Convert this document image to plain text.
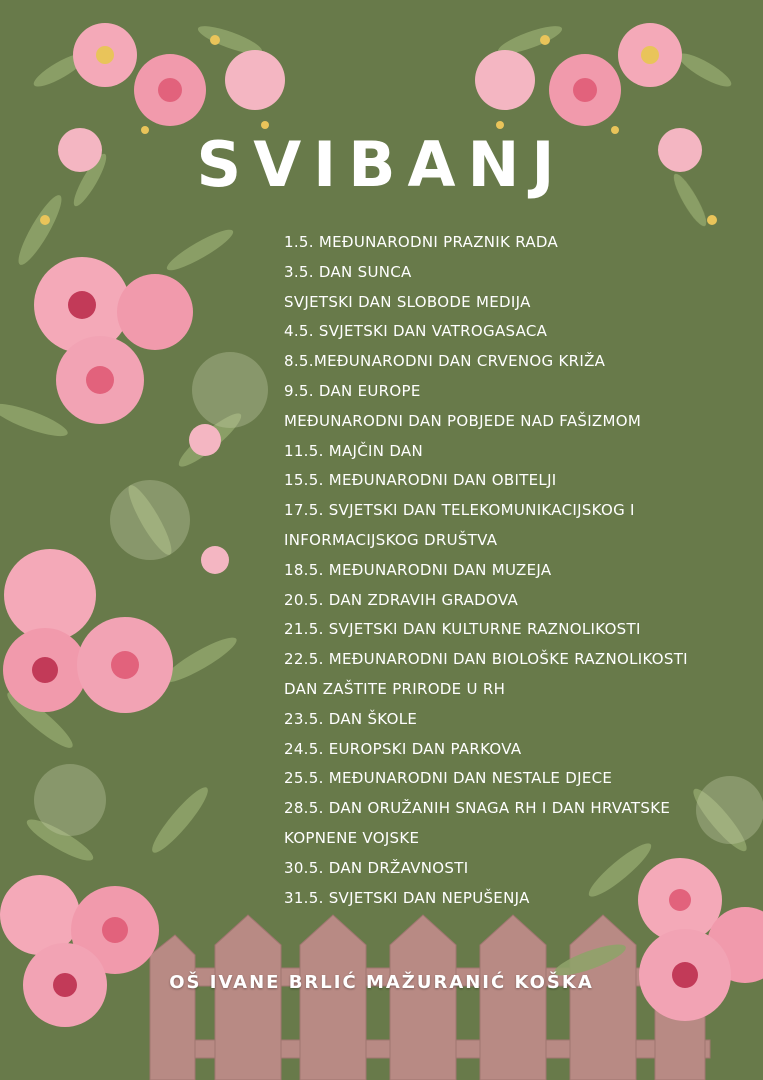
SVIBANJ
1.5. MEĐUNARODNI PRAZNIK RADA
3.5. DAN SUNCA
SVJETSKI DAN SLOBODE MEDIJA
4.5. SVJETSKI DAN VATROGASACA
8.5.MEĐUNARODNI DAN CRVENOG KRIŽA
9.5. DAN EUROPE
MEĐUNARODNI DAN POBJEDE NAD FAŠIZMOM
11.5. MAJČIN DAN
15.5. MEĐUNARODNI DAN OBITELJI
17.5. SVJETSKI DAN TELEKOMUNIKACIJSKOG I
INFORMACIJSKOG DRUŠTVA
18.5. MEĐUNARODNI DAN MUZEJA
20.5. DAN ZDRAVIH GRADOVA
21.5. SVJETSKI DAN KULTURNE RAZNOLIKOSTI
22.5. MEĐUNARODNI DAN BIOLOŠKE RAZNOLIKOSTI
DAN ZAŠTITE PRIRODE U RH
23.5. DAN ŠKOLE
24.5. EUROPSKI DAN PARKOVA
25.5. MEĐUNARODNI DAN NESTALE DJECE
28.5. DAN ORUŽANIH SNAGA RH I DAN HRVATSKE
KOPNENE VOJSKE
30.5. DAN DRŽAVNOSTI
31.5. SVJETSKI DAN NEPUŠENJA
OŠ IVANE BRLIĆ MAŽURANIĆ KOŠKA
